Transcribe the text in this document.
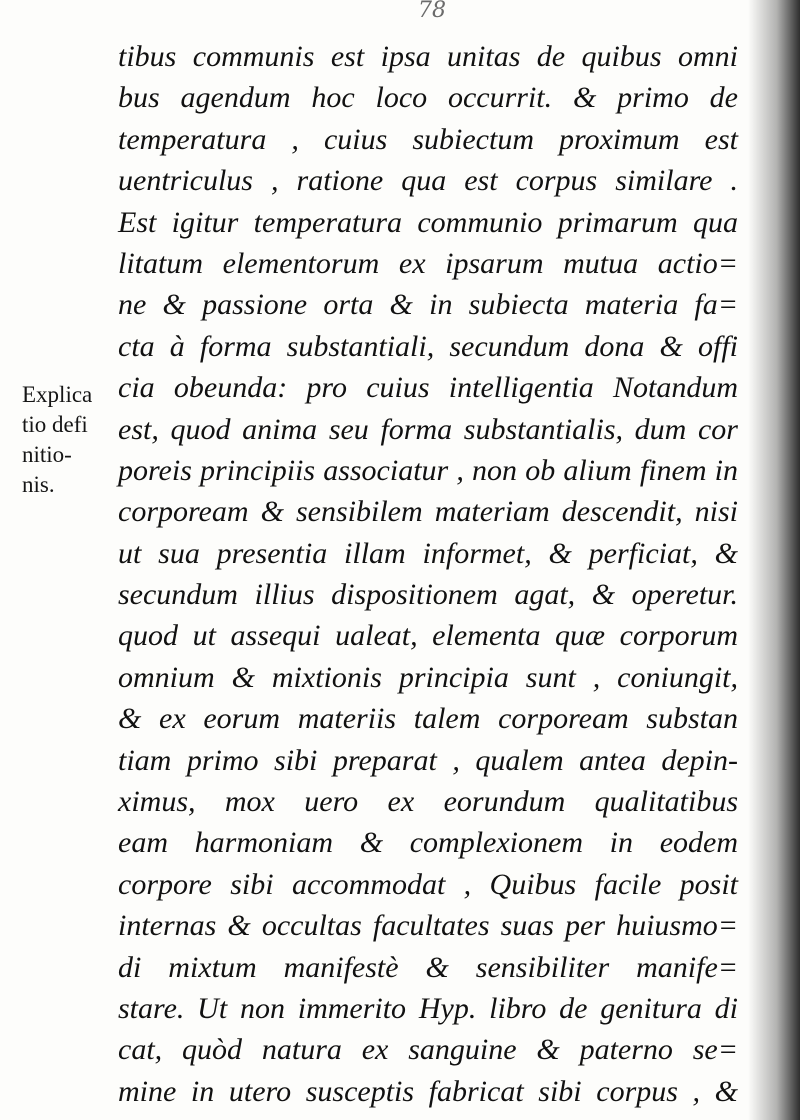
78
Explica
tio defi
nitio-
nis.
tibus communis est ipsa unitas de quibus omni
bus agendum hoc loco occurrit. & primo de
temperatura , cuius subiectum proximum est
uentriculus , ratione qua est corpus similare .
Est igitur temperatura communio primarum qua
litatum elementorum ex ipsarum mutua actio=
ne & passione orta & in subiecta materia fa=
cta à forma substantiali, secundum dona & offi
cia obeunda: pro cuius intelligentia Notandum
est, quod anima seu forma substantialis, dum cor
poreis principiis associatur , non ob alium finem in
corpoream & sensibilem materiam descendit, nisi
ut sua presentia illam informet, & perficiat, &
secundum illius dispositionem agat, & operetur.
quod ut assequi ualeat, elementa quæ corporum
omnium & mixtionis principia sunt , coniungit,
& ex eorum materiis talem corpoream substan
tiam primo sibi preparat , qualem antea depin-
ximus, mox uero ex eorundum qualitatibus
eam harmoniam & complexionem in eodem
corpore sibi accommodat , Quibus facile posit
internas & occultas facultates suas per huiusmo=
di mixtum manifestè & sensibiliter manife=
stare. Ut non immerito Hyp. libro de genitura di
cat, quòd natura ex sanguine & paterno se=
mine in utero susceptis fabricat sibi corpus , &
